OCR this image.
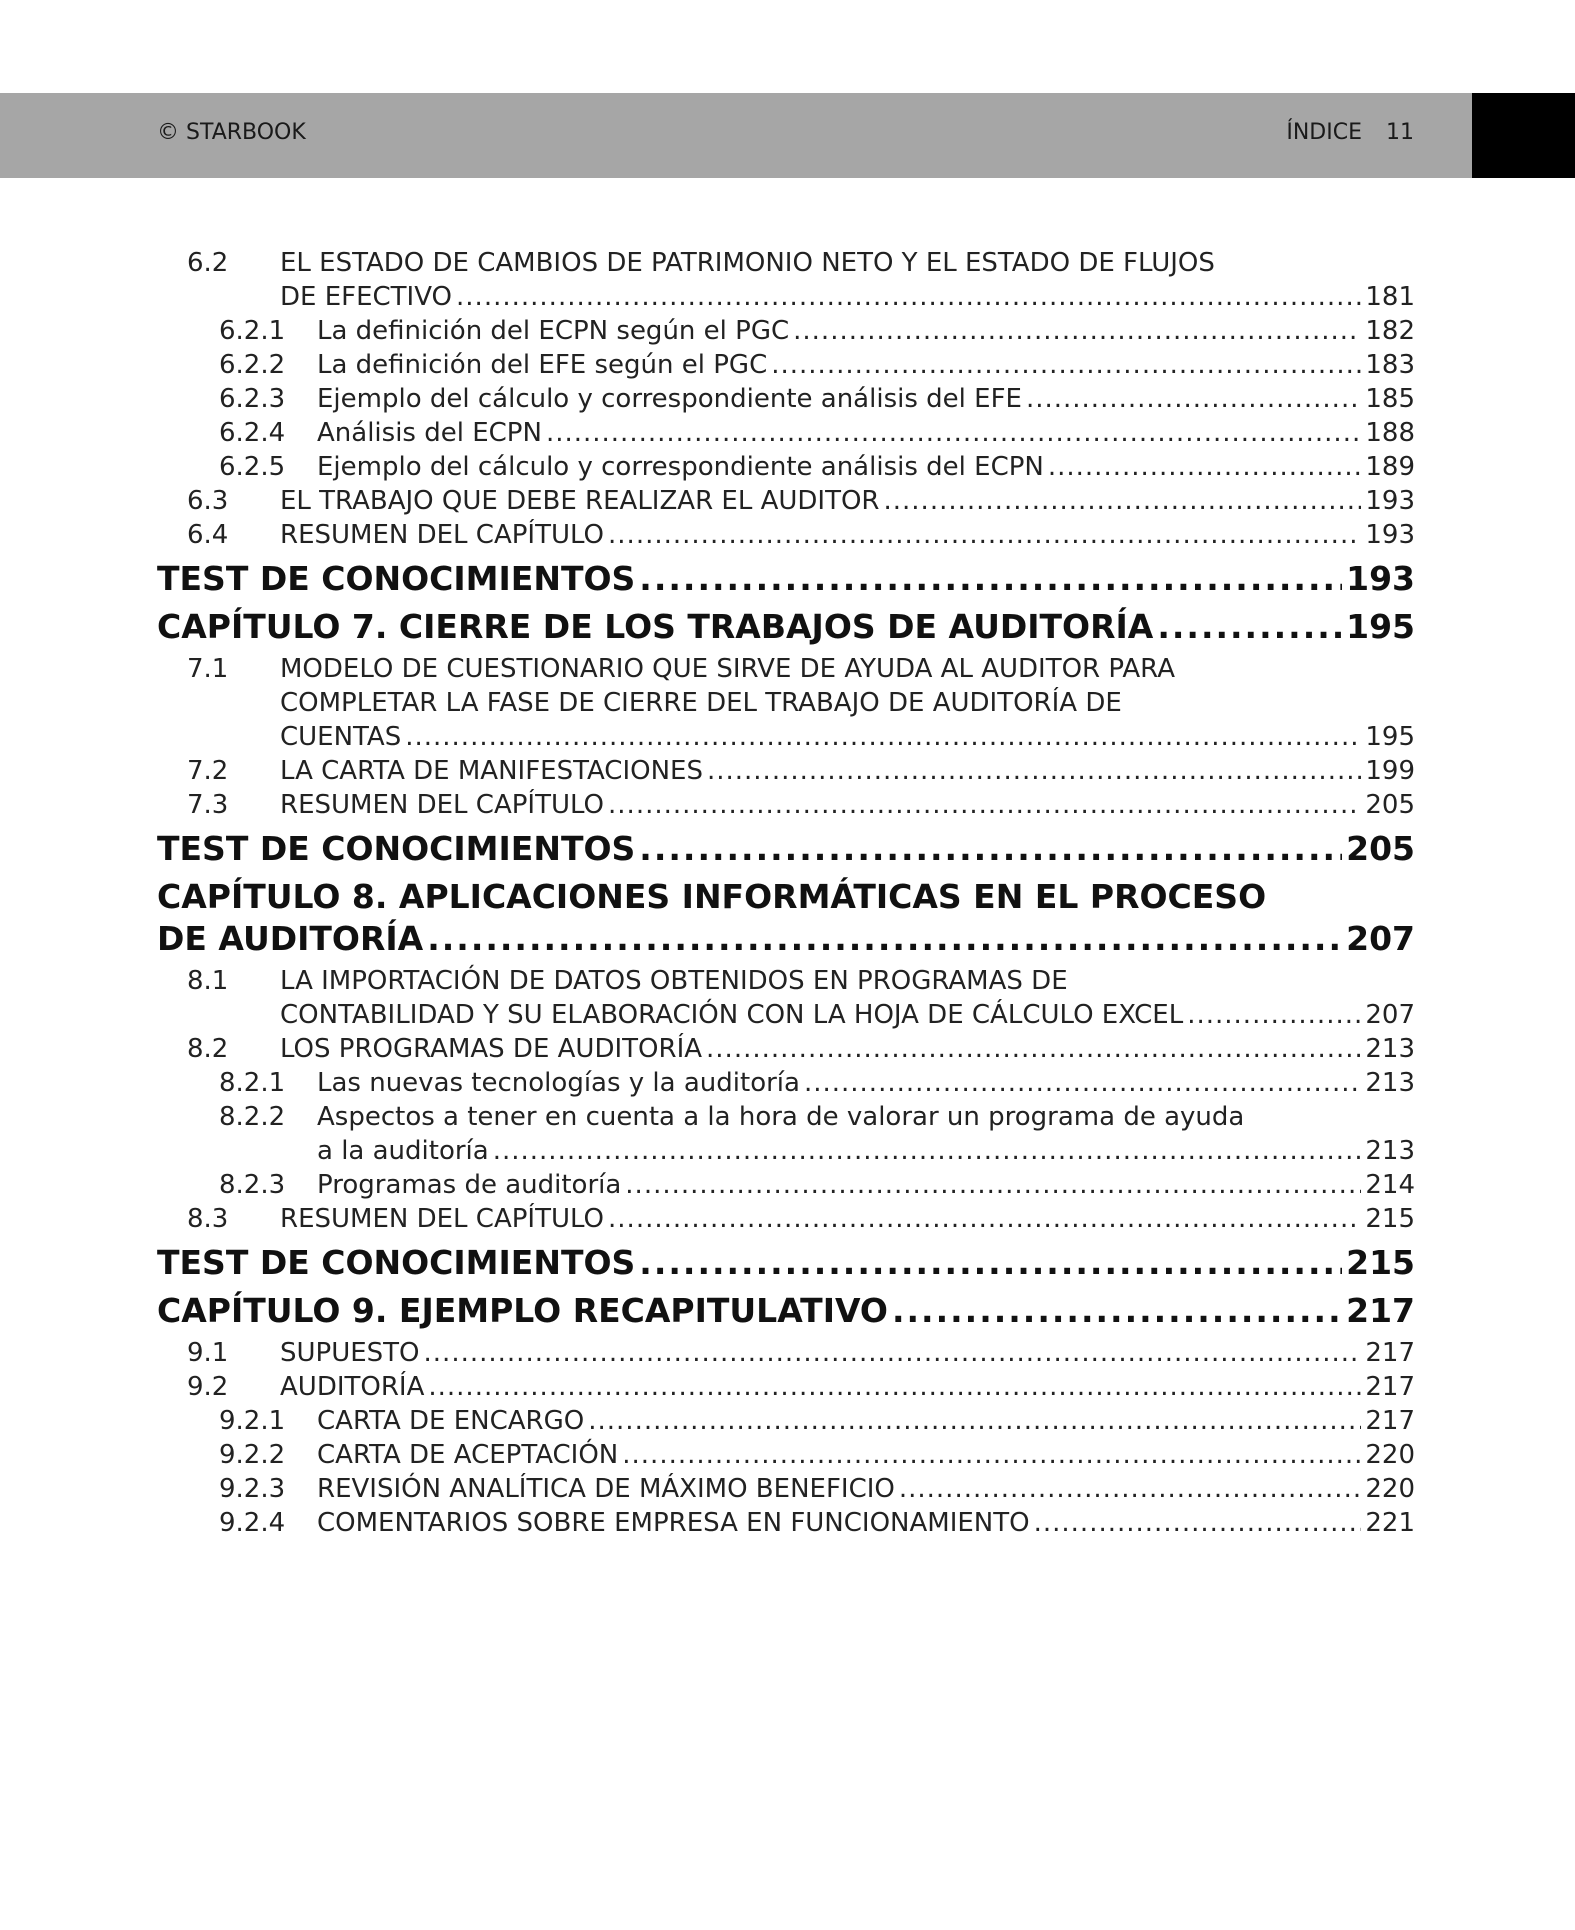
© STARBOOK	ÍNDICE 11
6.2 EL ESTADO DE CAMBIOS DE PATRIMONIO NETO Y EL ESTADO DE FLUJOS
DE EFECTIVO .....	181
6.2.1 La definición del ECPN según el PGC .....	182
6.2.2 La definición del EFE según el PGC .....	183
6.2.3 Ejemplo del cálculo y correspondiente análisis del EFE .....	185
6.2.4 Análisis del ECPN .....	188
6.2.5 Ejemplo del cálculo y correspondiente análisis del ECPN .....	189
6.3 EL TRABAJO QUE DEBE REALIZAR EL AUDITOR .....	193
6.4 RESUMEN DEL CAPÍTULO .....	193
TEST DE CONOCIMIENTOS .....	193
CAPÍTULO 7. CIERRE DE LOS TRABAJOS DE AUDITORÍA .....	195
7.1 MODELO DE CUESTIONARIO QUE SIRVE DE AYUDA AL AUDITOR PARA
COMPLETAR LA FASE DE CIERRE DEL TRABAJO DE AUDITORÍA DE
CUENTAS .....	195
7.2 LA CARTA DE MANIFESTACIONES .....	199
7.3 RESUMEN DEL CAPÍTULO .....	205
TEST DE CONOCIMIENTOS .....	205
CAPÍTULO 8. APLICACIONES INFORMÁTICAS EN EL PROCESO
DE AUDITORÍA .....	207
8.1 LA IMPORTACIÓN DE DATOS OBTENIDOS EN PROGRAMAS DE
CONTABILIDAD Y SU ELABORACIÓN CON LA HOJA DE CÁLCULO EXCEL .....	207
8.2 LOS PROGRAMAS DE AUDITORÍA .....	213
8.2.1 Las nuevas tecnologías y la auditoría .....	213
8.2.2 Aspectos a tener en cuenta a la hora de valorar un programa de ayuda
a la auditoría .....	213
8.2.3 Programas de auditoría .....	214
8.3 RESUMEN DEL CAPÍTULO .....	215
TEST DE CONOCIMIENTOS .....	215
CAPÍTULO 9. EJEMPLO RECAPITULATIVO .....	217
9.1 SUPUESTO .....	217
9.2 AUDITORÍA .....	217
9.2.1 CARTA DE ENCARGO .....	217
9.2.2 CARTA DE ACEPTACIÓN .....	220
9.2.3 REVISIÓN ANALÍTICA DE MÁXIMO BENEFICIO .....	220
9.2.4 COMENTARIOS SOBRE EMPRESA EN FUNCIONAMIENTO .....	221
